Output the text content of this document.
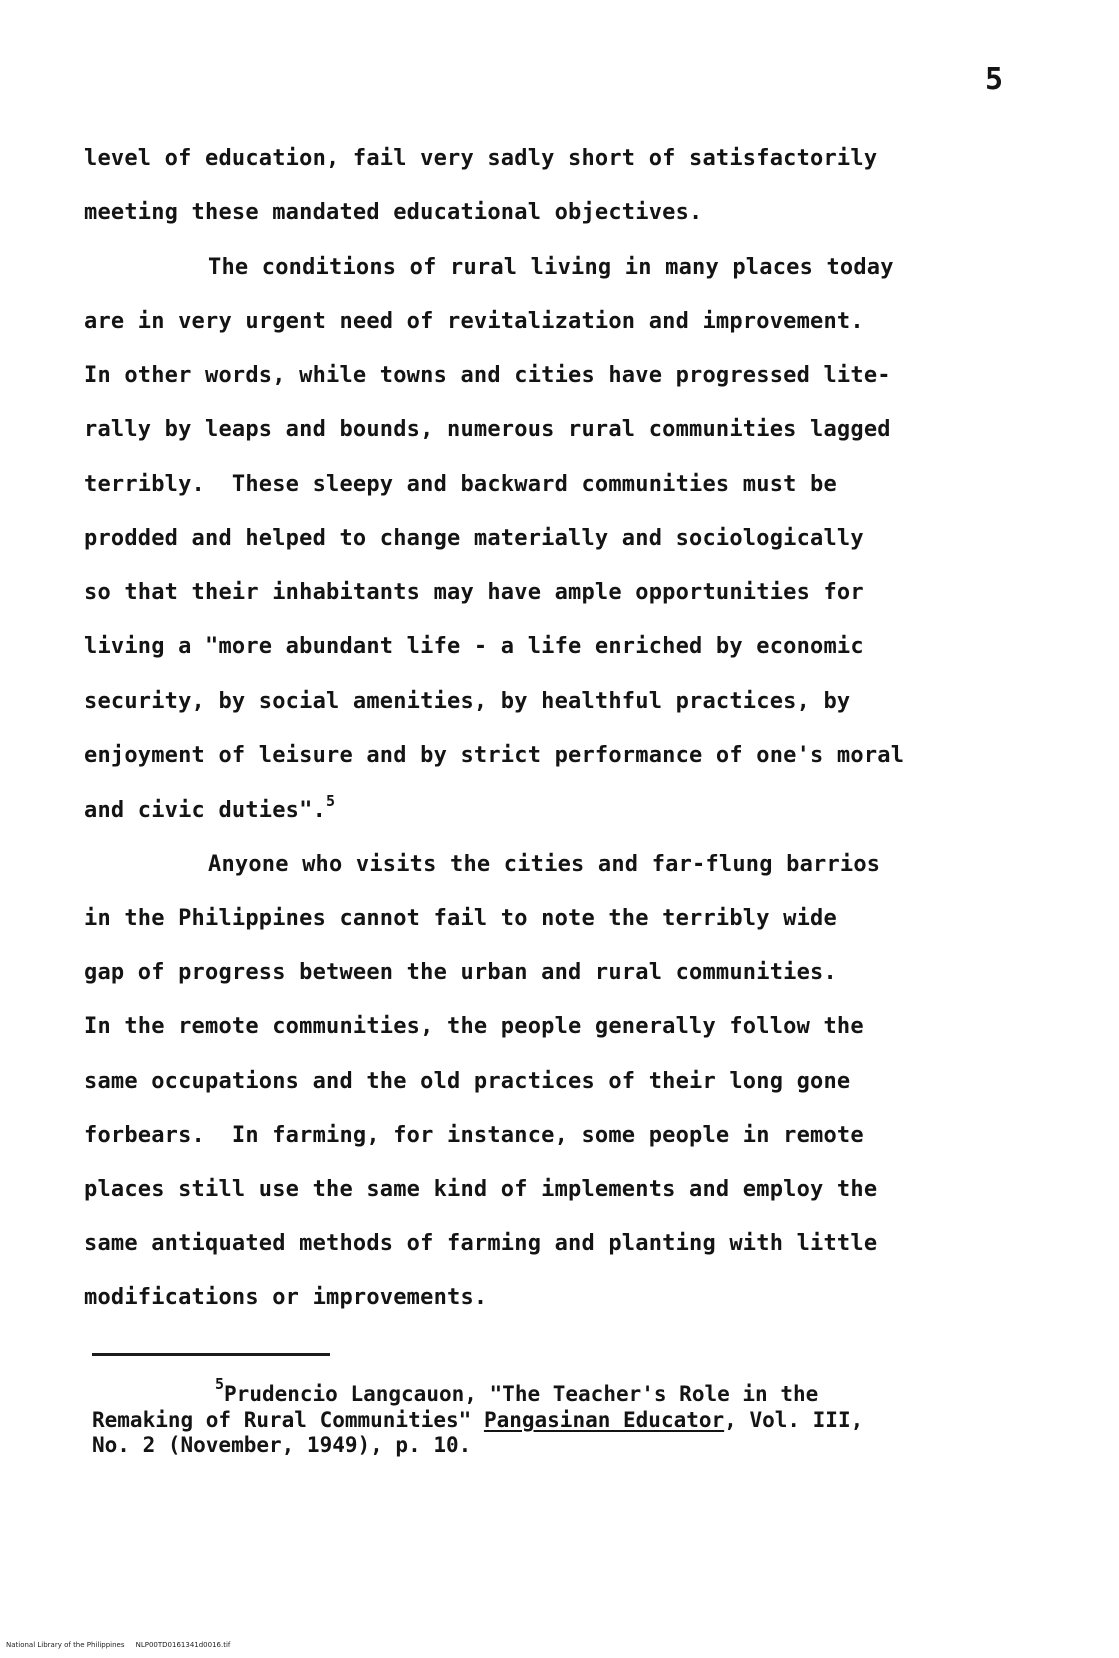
5
level of education, fail very sadly short of satisfactorily
meeting these mandated educational objectives.
The conditions of rural living in many places today
are in very urgent need of revitalization and improvement.
In other words, while towns and cities have progressed lite-
rally by leaps and bounds, numerous rural communities lagged
terribly.  These sleepy and backward communities must be
prodded and helped to change materially and sociologically
so that their inhabitants may have ample opportunities for
living a "more abundant life - a life enriched by economic
security, by social amenities, by healthful practices, by
enjoyment of leisure and by strict performance of one's moral
and civic duties".$^5$
Anyone who visits the cities and far-flung barrios
in the Philippines cannot fail to note the terribly wide
gap of progress between the urban and rural communities.
In the remote communities, the people generally follow the
same occupations and the old practices of their long gone
forbears.  In farming, for instance, some people in remote
places still use the same kind of implements and employ the
same antiquated methods of farming and planting with little
modifications or improvements.
$^5$Prudencio Langcauon, "The Teacher's Role in the
Remaking of Rural Communities" Pangasinan Educator, Vol. III,
No. 2 (November, 1949), p. 10.
National Library of the Philippines     NLP00TD0161341d0016.tif
